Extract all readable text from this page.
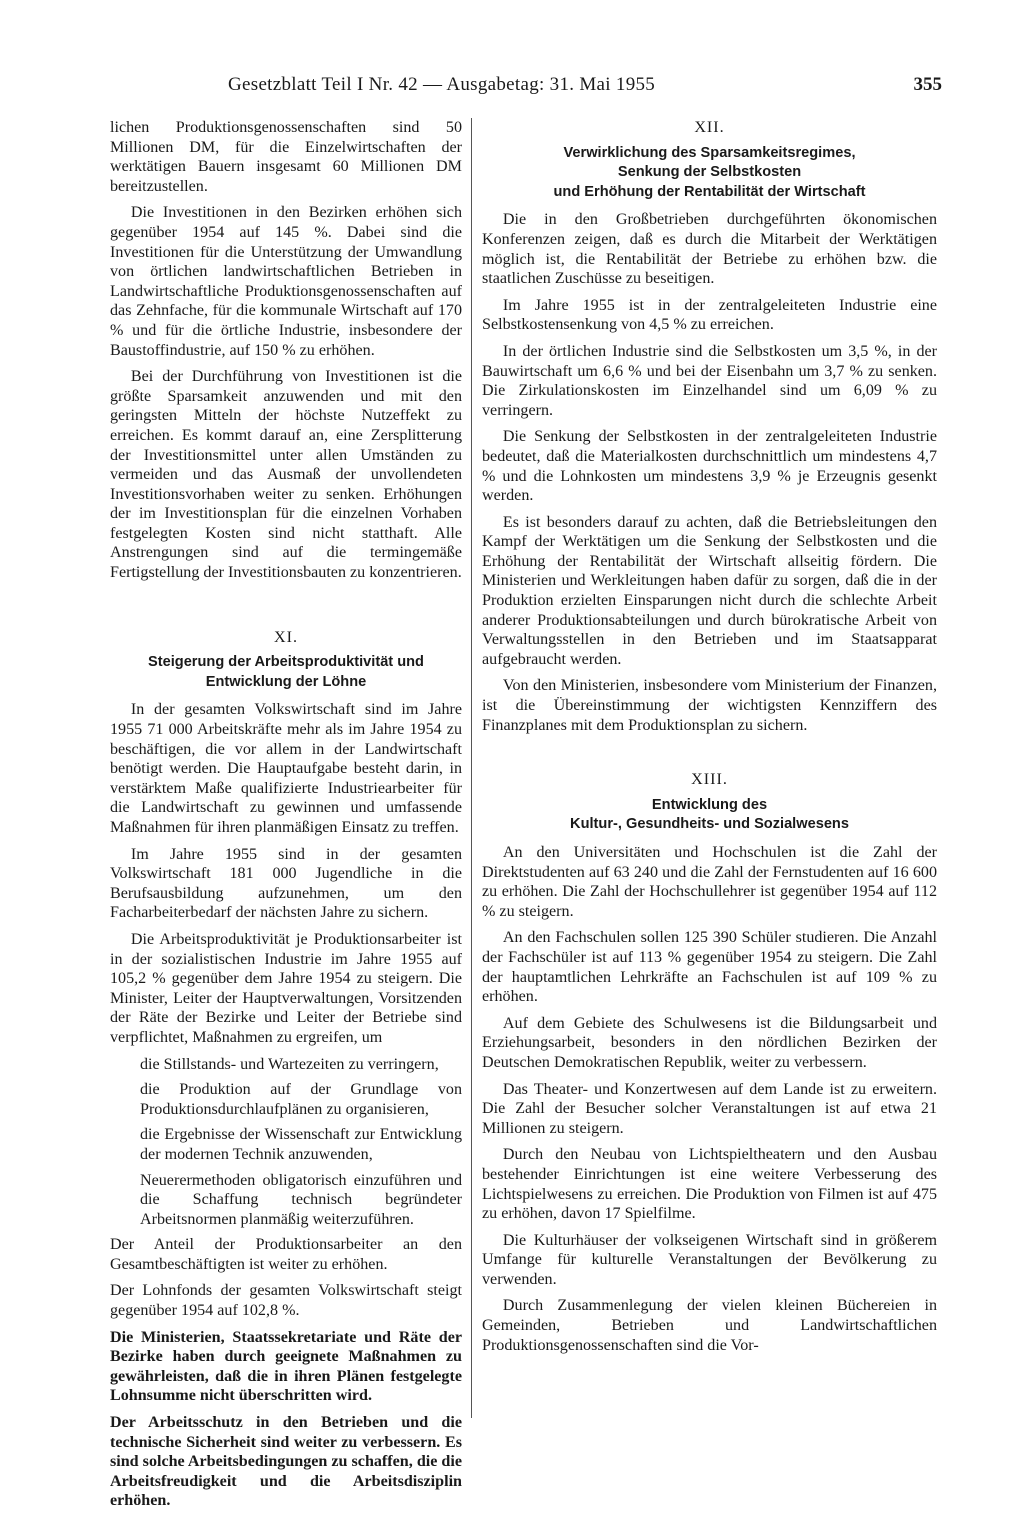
Gesetzblatt Teil I Nr. 42 — Ausgabetag: 31. Mai 1955	355

lichen Produktionsgenossenschaften sind 50 Millionen DM, für die Einzelwirtschaften der werktätigen Bauern insgesamt 60 Millionen DM bereitzustellen.

Die Investitionen in den Bezirken erhöhen sich gegenüber 1954 auf 145 %. Dabei sind die Investitionen für die Unterstützung der Umwandlung von örtlichen landwirtschaftlichen Betrieben in Landwirtschaftliche Produktionsgenossenschaften auf das Zehnfache, für die kommunale Wirtschaft auf 170 % und für die örtliche Industrie, insbesondere der Baustoffindustrie, auf 150 % zu erhöhen.

Bei der Durchführung von Investitionen ist die größte Sparsamkeit anzuwenden und mit den geringsten Mitteln der höchste Nutzeffekt zu erreichen. Es kommt darauf an, eine Zersplitterung der Investitionsmittel unter allen Umständen zu vermeiden und das Ausmaß der unvollendeten Investitionsvorhaben weiter zu senken. Erhöhungen der im Investitionsplan für die einzelnen Vorhaben festgelegten Kosten sind nicht statthaft. Alle Anstrengungen sind auf die termingemäße Fertigstellung der Investitionsbauten zu konzentrieren.

XI.
Steigerung der Arbeitsproduktivität und Entwicklung der Löhne

In der gesamten Volkswirtschaft sind im Jahre 1955 71 000 Arbeitskräfte mehr als im Jahre 1954 zu beschäftigen, die vor allem in der Landwirtschaft benötigt werden. Die Hauptaufgabe besteht darin, in verstärktem Maße qualifizierte Industriearbeiter für die Landwirtschaft zu gewinnen und umfassende Maßnahmen für ihren planmäßigen Einsatz zu treffen.

Im Jahre 1955 sind in der gesamten Volkswirtschaft 181 000 Jugendliche in die Berufsausbildung aufzunehmen, um den Facharbeiterbedarf der nächsten Jahre zu sichern.

Die Arbeitsproduktivität je Produktionsarbeiter ist in der sozialistischen Industrie im Jahre 1955 auf 105,2 % gegenüber dem Jahre 1954 zu steigern. Die Minister, Leiter der Hauptverwaltungen, Vorsitzenden der Räte der Bezirke und Leiter der Betriebe sind verpflichtet, Maßnahmen zu ergreifen, um

die Stillstands- und Wartezeiten zu verringern,

die Produktion auf der Grundlage von Produktionsdurchlaufplänen zu organisieren,

die Ergebnisse der Wissenschaft zur Entwicklung der modernen Technik anzuwenden,

Neuerermethoden obligatorisch einzuführen und die Schaffung technisch begründeter Arbeitsnormen planmäßig weiterzuführen.

Der Anteil der Produktionsarbeiter an den Gesamtbeschäftigten ist weiter zu erhöhen.

Der Lohnfonds der gesamten Volkswirtschaft steigt gegenüber 1954 auf 102,8 %.

Die Ministerien, Staatssekretariate und Räte der Bezirke haben durch geeignete Maßnahmen zu gewährleisten, daß die in ihren Plänen festgelegte Lohnsumme nicht überschritten wird.

Der Arbeitsschutz in den Betrieben und die technische Sicherheit sind weiter zu verbessern. Es sind solche Arbeitsbedingungen zu schaffen, die die Arbeitsfreudigkeit und die Arbeitsdisziplin erhöhen.

XII.
Verwirklichung des Sparsamkeitsregimes,
Senkung der Selbstkosten
und Erhöhung der Rentabilität der Wirtschaft

Die in den Großbetrieben durchgeführten ökonomischen Konferenzen zeigen, daß es durch die Mitarbeit der Werktätigen möglich ist, die Rentabilität der Betriebe zu erhöhen bzw. die staatlichen Zuschüsse zu beseitigen.

Im Jahre 1955 ist in der zentralgeleiteten Industrie eine Selbstkostensenkung von 4,5 % zu erreichen.

In der örtlichen Industrie sind die Selbstkosten um 3,5 %, in der Bauwirtschaft um 6,6 % und bei der Eisenbahn um 3,7 % zu senken. Die Zirkulationskosten im Einzelhandel sind um 6,09 % zu verringern.

Die Senkung der Selbstkosten in der zentralgeleiteten Industrie bedeutet, daß die Materialkosten durchschnittlich um mindestens 4,7 % und die Lohnkosten um mindestens 3,9 % je Erzeugnis gesenkt werden.

Es ist besonders darauf zu achten, daß die Betriebsleitungen den Kampf der Werktätigen um die Senkung der Selbstkosten und die Erhöhung der Rentabilität der Wirtschaft allseitig fördern. Die Ministerien und Werkleitungen haben dafür zu sorgen, daß die in der Produktion erzielten Einsparungen nicht durch die schlechte Arbeit anderer Produktionsabteilungen und durch bürokratische Arbeit von Verwaltungsstellen in den Betrieben und im Staatsapparat aufgebraucht werden.

Von den Ministerien, insbesondere vom Ministerium der Finanzen, ist die Übereinstimmung der wichtigsten Kennziffern des Finanzplanes mit dem Produktionsplan zu sichern.

XIII.
Entwicklung des
Kultur-, Gesundheits- und Sozialwesens

An den Universitäten und Hochschulen ist die Zahl der Direktstudenten auf 63 240 und die Zahl der Fernstudenten auf 16 600 zu erhöhen. Die Zahl der Hochschullehrer ist gegenüber 1954 auf 112 % zu steigern.

An den Fachschulen sollen 125 390 Schüler studieren. Die Anzahl der Fachschüler ist auf 113 % gegenüber 1954 zu steigern. Die Zahl der hauptamtlichen Lehrkräfte an Fachschulen ist auf 109 % zu erhöhen.

Auf dem Gebiete des Schulwesens ist die Bildungsarbeit und Erziehungsarbeit, besonders in den nördlichen Bezirken der Deutschen Demokratischen Republik, weiter zu verbessern.

Das Theater- und Konzertwesen auf dem Lande ist zu erweitern. Die Zahl der Besucher solcher Veranstaltungen ist auf etwa 21 Millionen zu steigern.

Durch den Neubau von Lichtspieltheatern und den Ausbau bestehender Einrichtungen ist eine weitere Verbesserung des Lichtspielwesens zu erreichen. Die Produktion von Filmen ist auf 475 zu erhöhen, davon 17 Spielfilme.

Die Kulturhäuser der volkseigenen Wirtschaft sind in größerem Umfange für kulturelle Veranstaltungen der Bevölkerung zu verwenden.

Durch Zusammenlegung der vielen kleinen Büchereien in Gemeinden, Betrieben und Landwirtschaftlichen Produktionsgenossenschaften sind die Vor-
